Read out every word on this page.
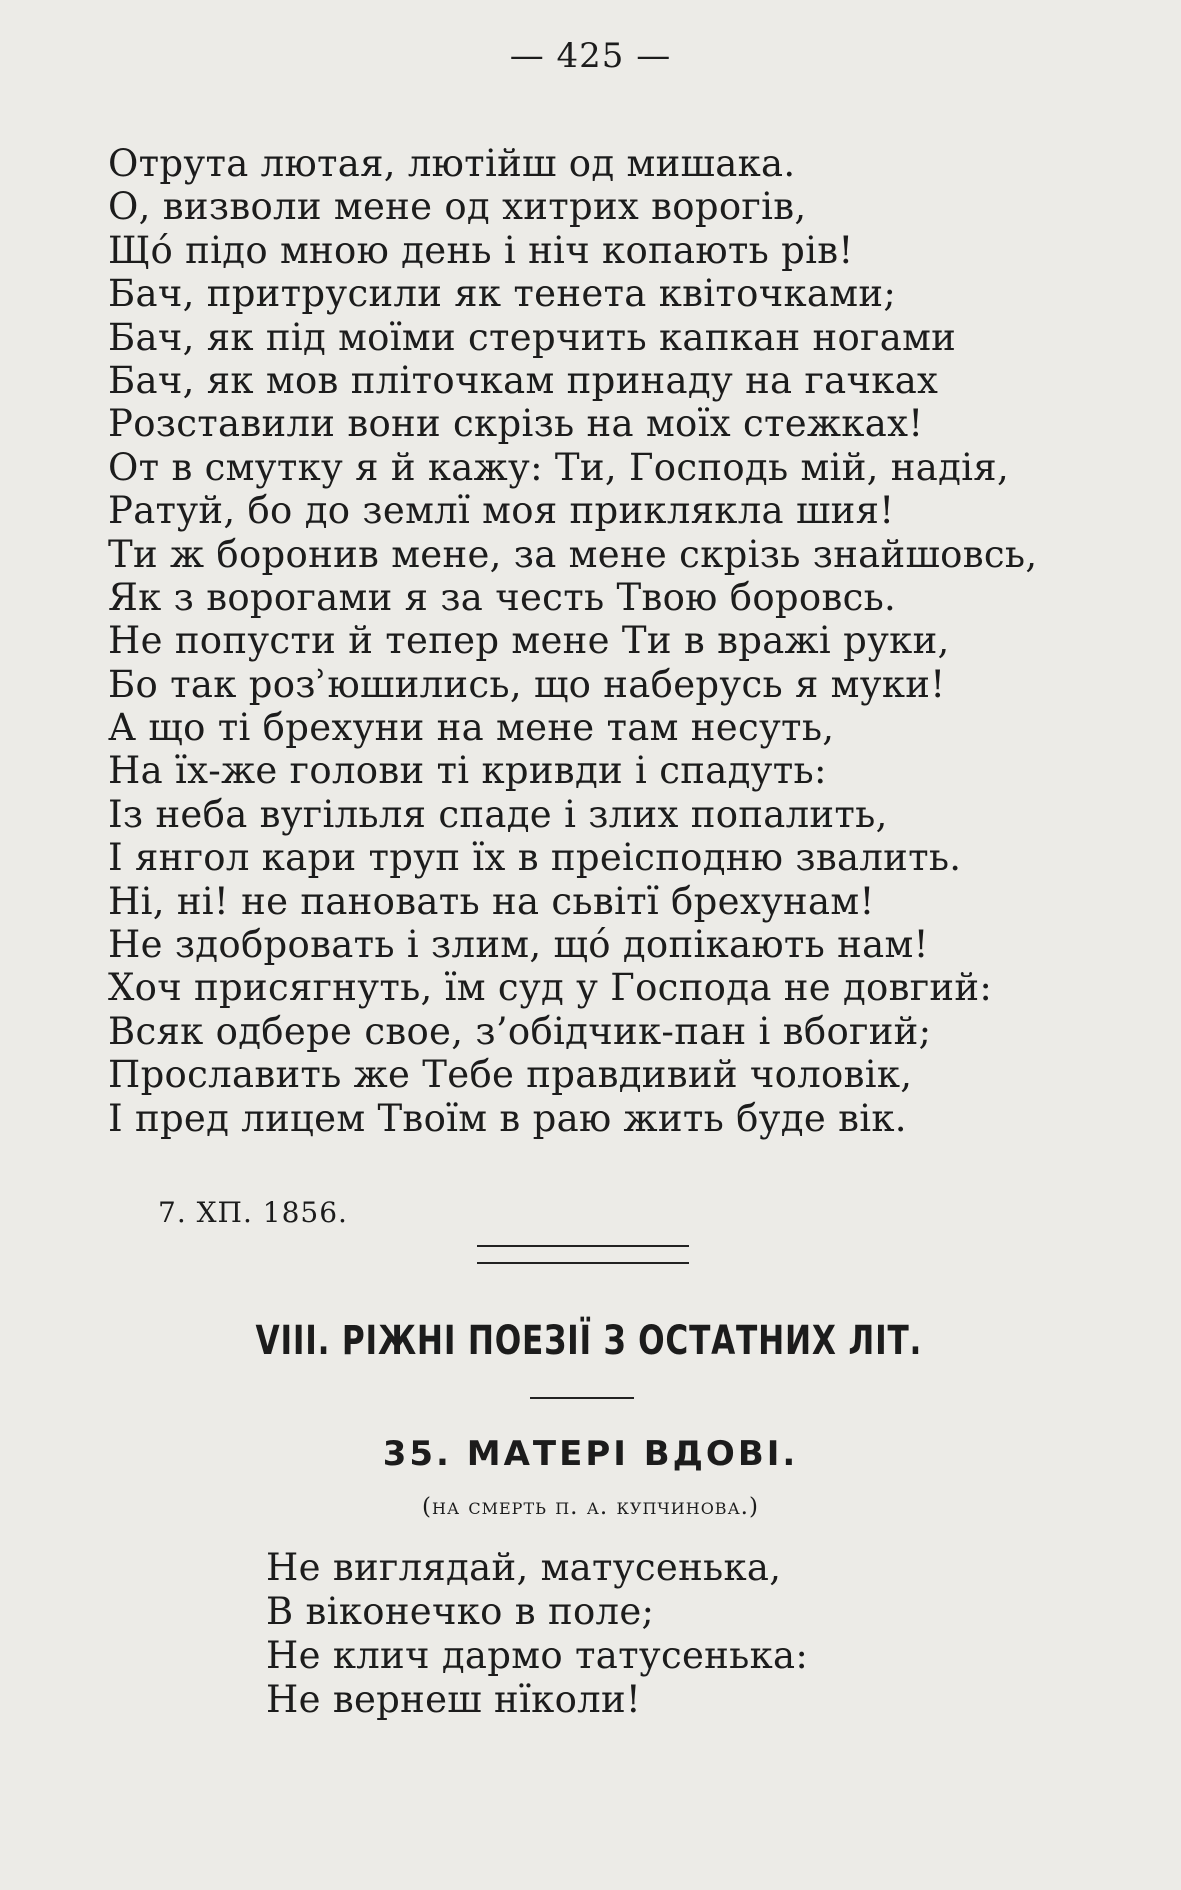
— 425 —
Отрута лютая, лютійш од мишака.
О, визволи мене од хитрих ворогів,
Щó підо мною день і ніч копають рів!
Бач, притрусили як тенета квіточками;
Бач, як під моїми стерчить капкан ногами
Бач, як мов пліточкам принаду на гачках
Розставили вони скрізь на моїх стежках!
От в смутку я й кажу: Ти, Господь мій, надія,
Ратуй, бо до землї моя приклякла шия!
Ти ж боронив мене, за мене скрізь знайшовсь,
Як з ворогами я за честь Твою боровсь.
Не попусти й тепер мене Ти в вражі руки,
Бо так розʾюшились, що наберусь я муки!
А що ті брехуни на мене там несуть,
На їх-же голови ті кривди і спадуть:
Із неба вугільля спаде і злих попалить,
І янгол кари труп їх в преісподню звалить.
Ні, ні! не пановать на сьвітї брехунам!
Не здобровать і злим, щó допікають нам!
Хоч присягнуть, їм суд у Господа не довгий:
Всяк одбере свое, з’обідчик-пан і вбогий;
Прославить же Тебе правдивий чоловік,
І пред лицем Твоїм в раю жить буде вік.
7. ХП. 1856.
VIII. РІЖНІ ПОЕЗІЇ З ОСТАТНИХ ЛІТ.
35. МАТЕРІ ВДОВІ.
(на смерть п. а. купчинова.)
Не виглядай, матусенька,
В віконечко в поле;
Не клич дармо татусенька:
Не вернеш нїколи!
